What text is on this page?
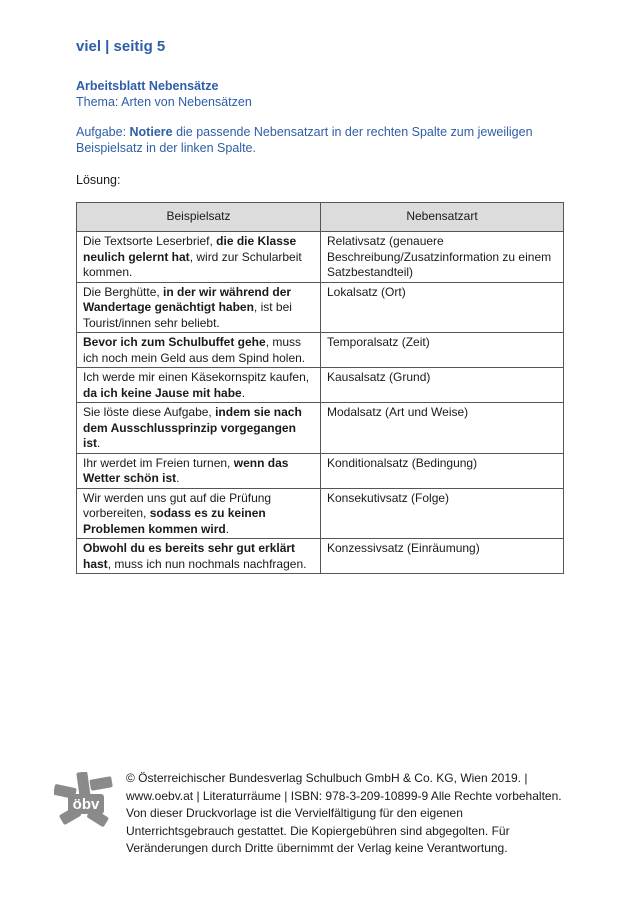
viel | seitig 5
Arbeitsblatt Nebensätze
Thema: Arten von Nebensätzen
Aufgabe: Notiere die passende Nebensatzart in der rechten Spalte zum jeweiligen Beispielsatz in der linken Spalte.
Lösung:
Beispielsatz	Nebensatzart
Die Textsorte Leserbrief, die die Klasse neulich gelernt hat, wird zur Schularbeit kommen.	Relativsatz (genauere Beschreibung/Zusatzinformation zu einem Satzbestandteil)
Die Berghütte, in der wir während der Wandertage genächtigt haben, ist bei Tourist/innen sehr beliebt.	Lokalsatz (Ort)
Bevor ich zum Schulbuffet gehe, muss ich noch mein Geld aus dem Spind holen.	Temporalsatz (Zeit)
Ich werde mir einen Käsekornspitz kaufen, da ich keine Jause mit habe.	Kausalsatz (Grund)
Sie löste diese Aufgabe, indem sie nach dem Ausschlussprinzip vorgegangen ist.	Modalsatz (Art und Weise)
Ihr werdet im Freien turnen, wenn das Wetter schön ist.	Konditionalsatz (Bedingung)
Wir werden uns gut auf die Prüfung vorbereiten, sodass es zu keinen Problemen kommen wird.	Konsekutivsatz (Folge)
Obwohl du es bereits sehr gut erklärt hast, muss ich nun nochmals nachfragen.	Konzessivsatz (Einräumung)
öbv
© Österreichischer Bundesverlag Schulbuch GmbH & Co. KG, Wien 2019. | www.oebv.at | Literaturräume | ISBN: 978-3-209-10899-9 Alle Rechte vorbehalten. Von dieser Druckvorlage ist die Vervielfältigung für den eigenen Unterrichtsgebrauch gestattet. Die Kopiergebühren sind abgegolten. Für Veränderungen durch Dritte übernimmt der Verlag keine Verantwortung.
